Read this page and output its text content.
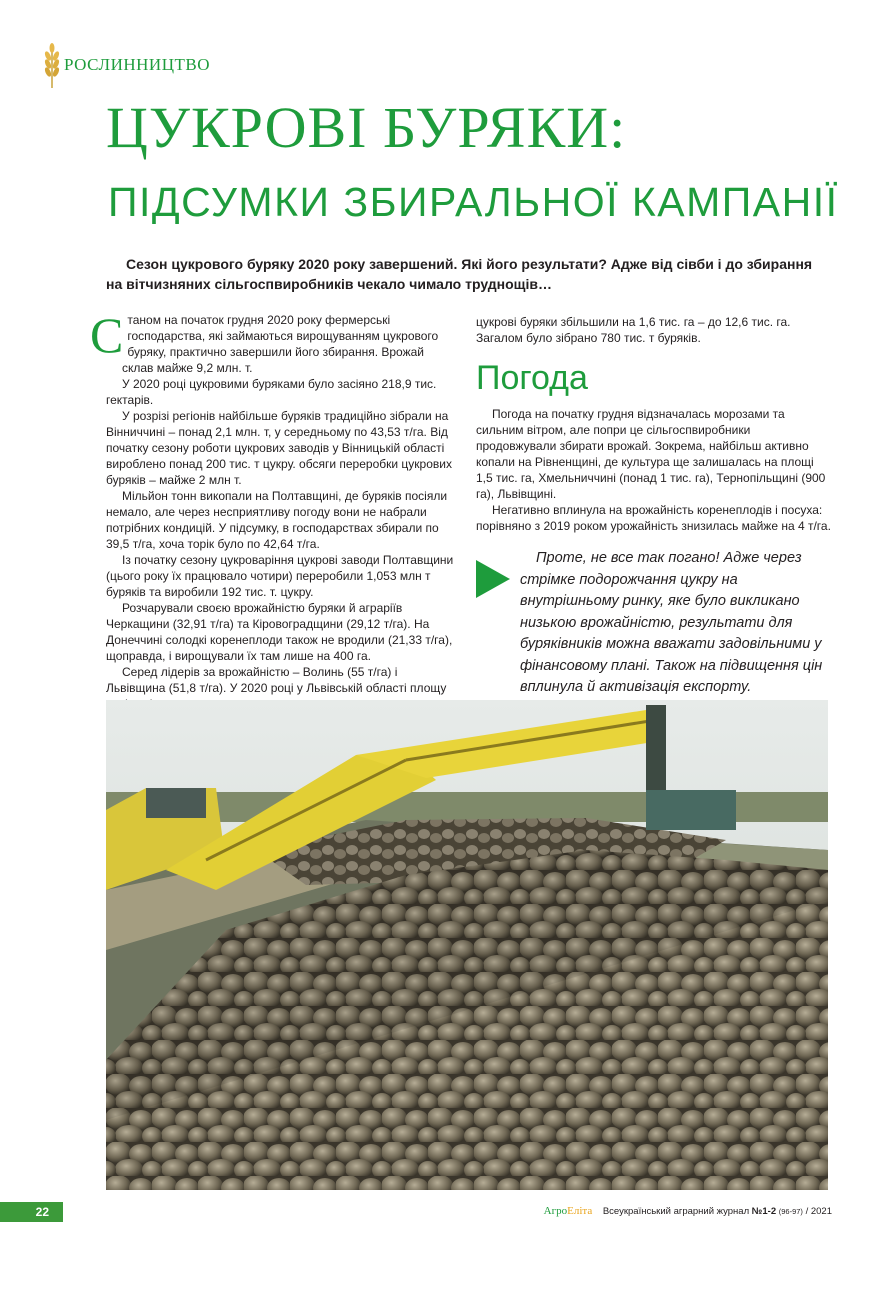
РОСЛИННИЦТВО
ЦУКРОВІ БУРЯКИ:
ПІДСУМКИ ЗБИРАЛЬНОЇ КАМПАНІЇ

Сезон цукрового буряку 2020 року завершений. Які його результати? Адже від сівби і до збирання на вітчизняних сільгоспвиробників чекало чимало труднощів…

С таном на початок грудня 2020 року фермерські господарства, які займаються вирощуванням цукрового буряку, практично завершили його збирання. Врожай склав майже 9,2 млн. т.

У 2020 році цукровими буряками було засіяно 218,9 тис. гектарів.

У розрізі регіонів найбільше буряків традиційно зібрали на Вінниччині – понад 2,1 млн. т, у середньому по 43,53 т/га. Від початку сезону роботи цукрових заводів у Вінницькій області вироблено понад 200 тис. т цукру. обсяги переробки цукрових буряків – майже 2 млн т.

Мільйон тонн викопали на Полтавщині, де буряків посіяли немало, але через несприятливу погоду вони не набрали потрібних кондицій. У підсумку, в господарствах збирали по 39,5 т/га, хоча торік було по 42,64 т/га.

Із початку сезону цукроваріння цукрові заводи Полтавщини (цього року їх працювало чотири) переробили 1,053 млн т буряків та виробили 192 тис. т. цукру.

Розчарували своєю врожайністю буряки й аграріїв Черкащини (32,91 т/га) та Кіровоградщини (29,12 т/га). На Донеччині солодкі коренеплоди також не вродили (21,33 т/га), щоправда, і вирощували їх там лише на 400 га.

Серед лідерів за врожайністю – Волинь (55 т/га) і Львівщина (51,8 т/га). У 2020 році у Львівській області площу

цукрові буряки збільшили на 1,6 тис. га – до 12,6 тис. га. Загалом було зібрано 780 тис. т буряків.

Погода

Погода на початку грудня відзначалась морозами та сильним вітром, але попри це сільгоспвиробники продовжували збирати врожай. Зокрема, найбільш активно копали на Рівненщині, де культура ще залишалась на площі 1,5 тис. га, Хмельниччині (понад 1 тис. га), Тернопільщині (900 га), Львівщині.

Негативно вплинула на врожайність коренеплодів і посуха: порівняно з 2019 роком урожайність знизилась майже на 4 т/га.

Проте, не все так погано! Адже через стрімке подорожчання цукру на внутрішньому ринку, яке було викликано низькою врожайністю, результати для буряківників можна вважати задовільними у фінансовому плані. Також на підвищення цін вплинула й активізація експорту.

22	АгроЕліта Всеукраїнський аграрний журнал №1-2 (96-97) / 2021
